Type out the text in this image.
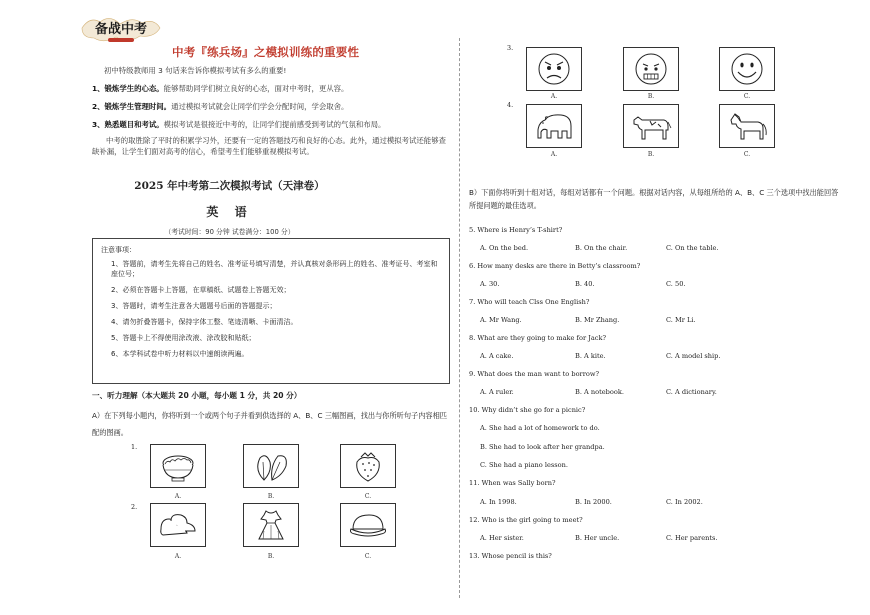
备战中考
中考『练兵场』之模拟训练的重要性
初中特级教师用 3 句话来告诉你模拟考试有多么的重要!
1、锻炼学生的心态。能够帮助同学们树立良好的心态，面对中考时，更从容。
2、锻炼学生管理时间。通过模拟考试就会让同学们学会分配时间，学会取舍。
3、熟悉题目和考试。模拟考试是很接近中考的，让同学们提前感受到考试的气氛和布局。
中考的取胜除了平时的积累学习外，还要有一定的答题技巧和良好的心态。此外，通过模拟考试还能够查缺补漏，让学生们面对高考的信心，希望考生们能够重视模拟考试。
2025 年中考第二次模拟考试（天津卷）
英 语
（考试时间：90 分钟 试卷满分：100 分）
注意事项：
1、答题前，请考生先将自己的姓名、准考证号填写清楚，并认真核对条形码上的姓名、准考证号、考室和座位号；
2、必须在答题卡上答题，在草稿纸、试题卷上答题无效；
3、答题时，请考生注意各大题题号后面的答题提示；
4、请勿折叠答题卡，保持字体工整、笔迹清晰、卡面清洁。
5、答题卡上不得使用涂改液、涂改胶和贴纸；
6、本学科试卷中听力材料以中速朗读两遍。
一、听力理解（本大题共 20 小题，每小题 1 分，共 20 分）
A）在下列每小题内，你将听到一个或两个句子并看到供选择的 A、B、C 三幅图画，找出与你所听句子内容相匹配的图画。
1.
A.	B.	C.
2.
A.	B.	C.
3.
A.	B.	C.
4.
A.	B.	C.
B）下面你将听到十组对话，每组对话都有一个问题。根据对话内容，从每组所给的 A、B、C 三个选项中找出能回答所提问题的最佳选项。
5. Where is Henry’s T-shirt?
A. On the bed.	B. On the chair.	C. On the table.
6. How many desks are there in Betty’s classroom?
A. 30.	B. 40.	C. 50.
7. Who will teach Clss One English?
A. Mr Wang.	B. Mr Zhang.	C. Mr Li.
8. What are they going to make for Jack?
A. A cake.	B. A kite.	C. A model ship.
9. What does the man want to borrow?
A. A ruler.	B. A notebook.	C. A dictionary.
10. Why didn’t she go for a picnic?
A. She had a lot of homework to do.
B. She had to look after her grandpa.
C. She had a piano lesson.
11. When was Sally born?
A. In 1998.	B. In 2000.	C. In 2002.
12. Who is the girl going to meet?
A. Her sister.	B. Her uncle.	C. Her parents.
13. Whose pencil is this?
